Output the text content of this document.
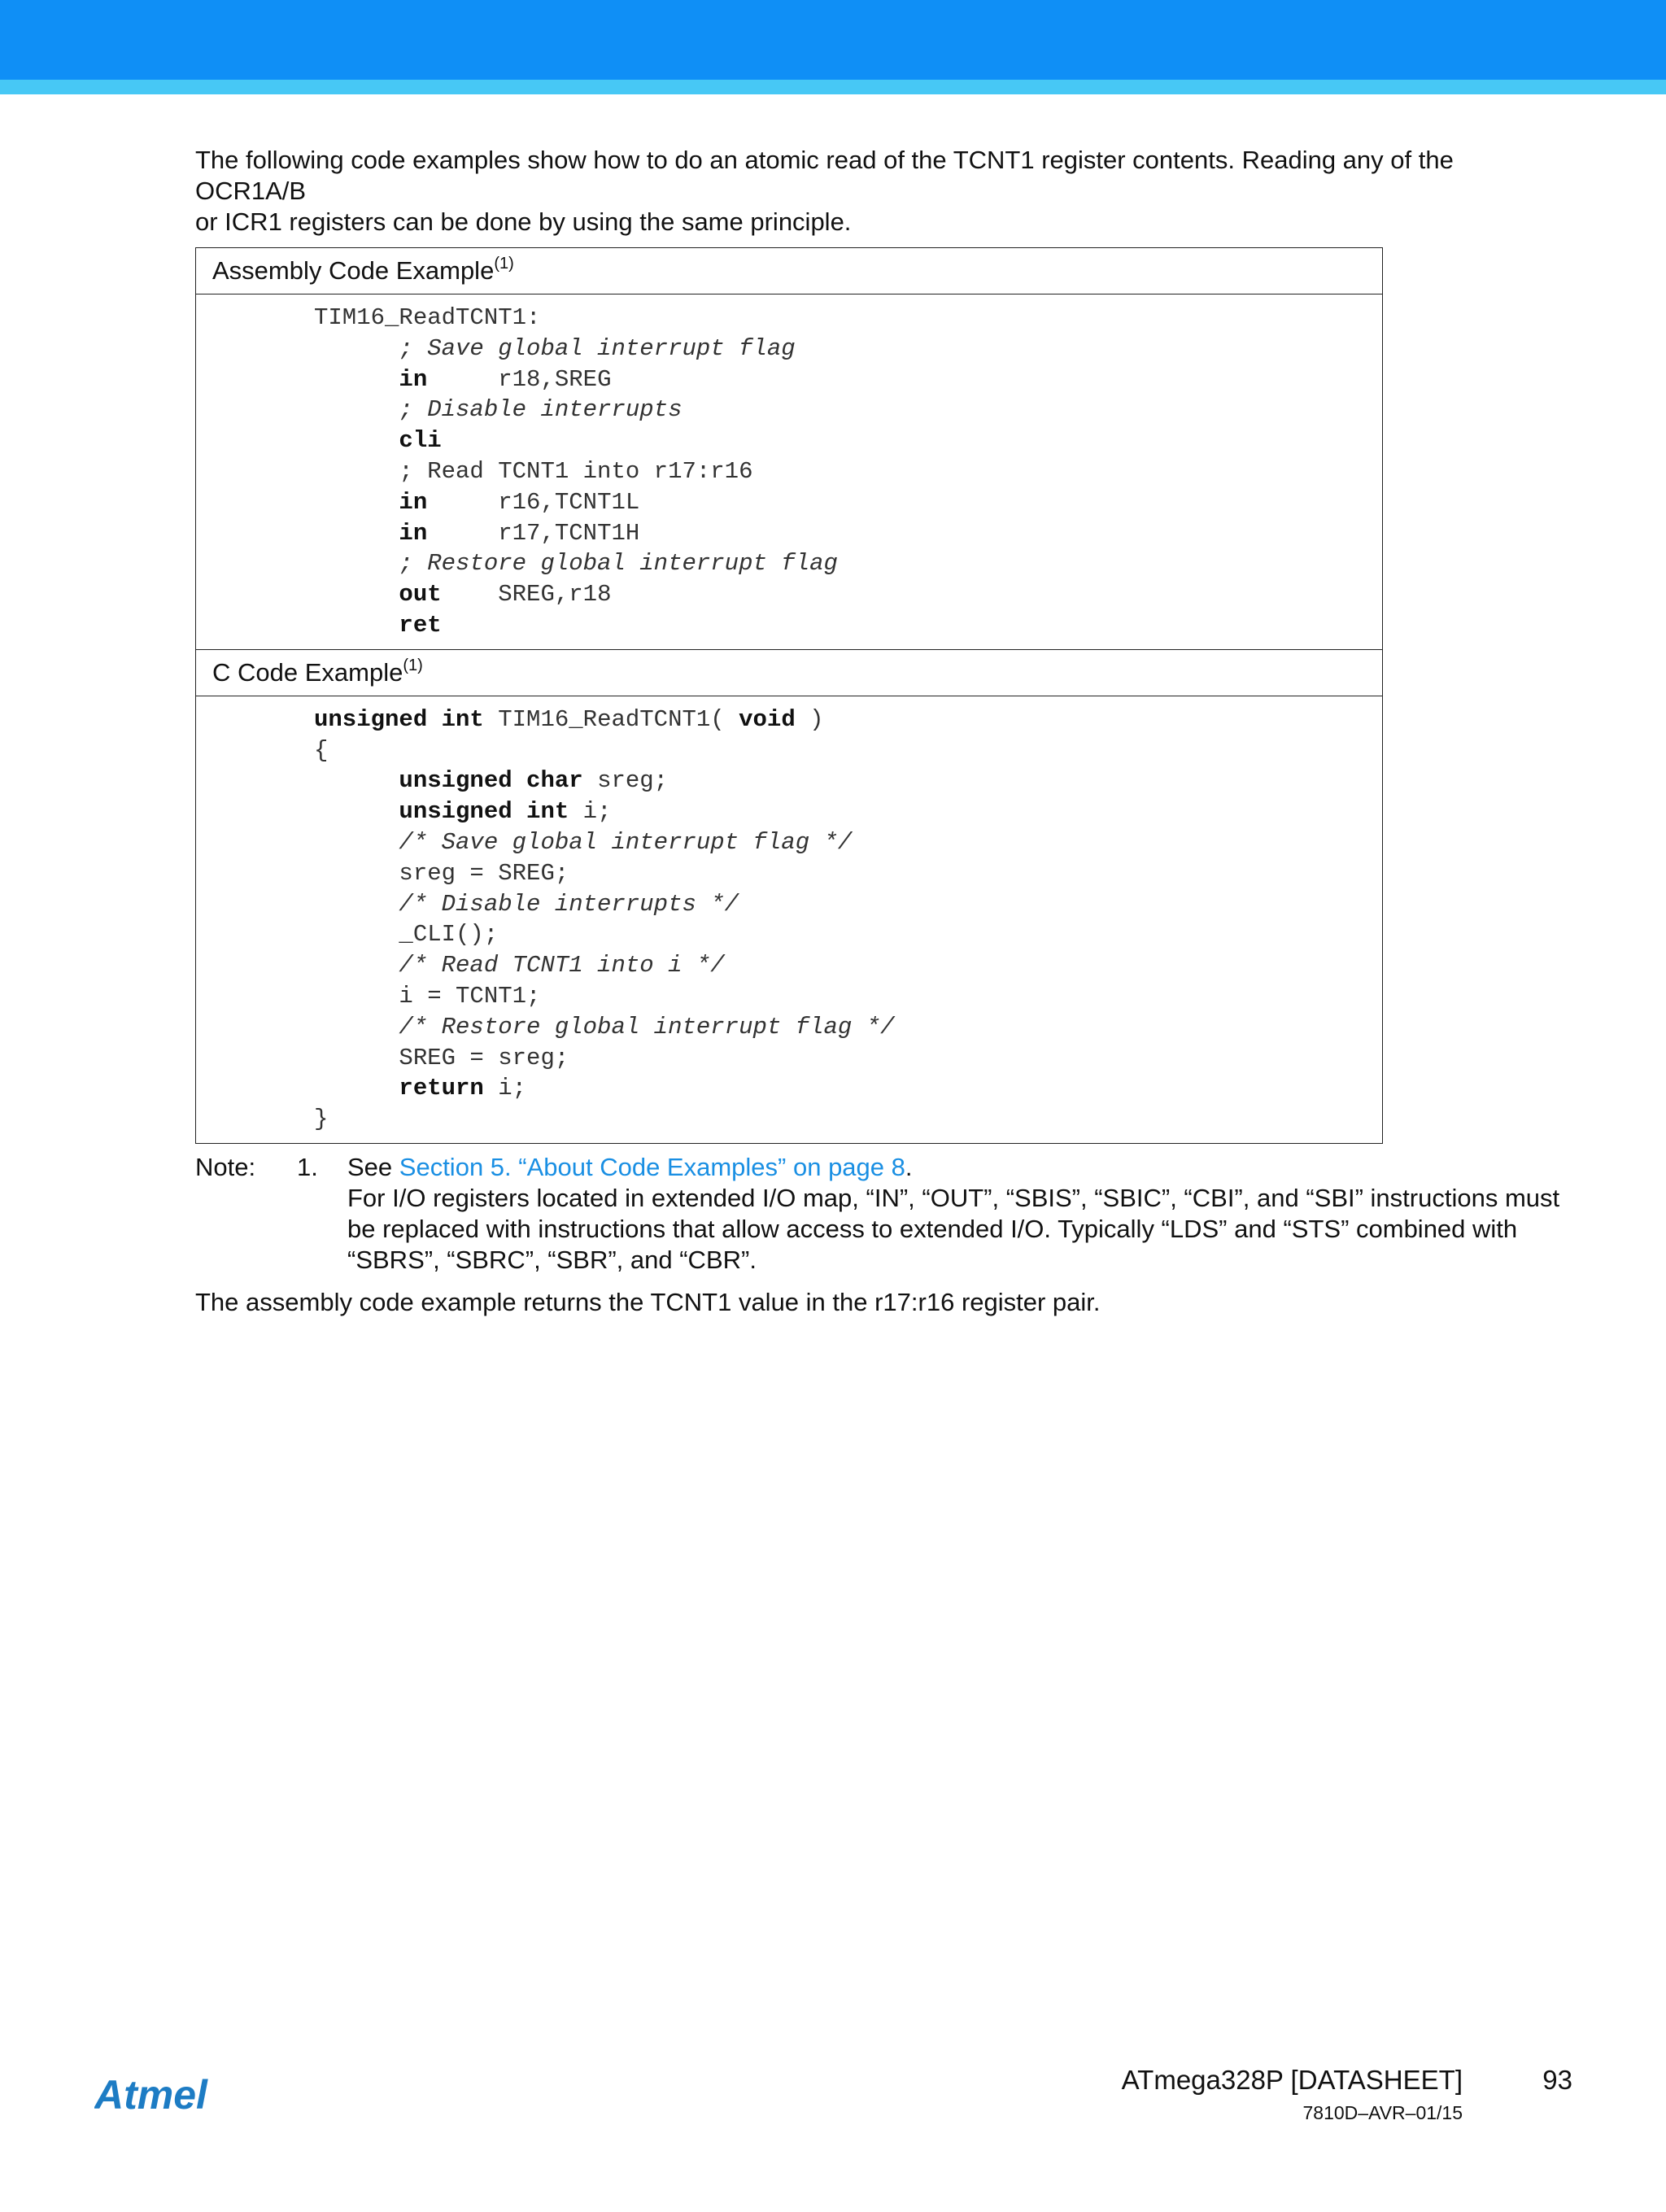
The following code examples show how to do an atomic read of the TCNT1 register contents. Reading any of the OCR1A/B
or ICR1 registers can be done by using the same principle.

Assembly Code Example$^{(1)}$

TIM16_ReadTCNT1:
; Save global interrupt flag
in     r18,SREG
; Disable interrupts
cli
; Read TCNT1 into r17:r16
in     r16,TCNT1L
in     r17,TCNT1H
; Restore global interrupt flag
out    SREG,r18
ret

C Code Example$^{(1)}$

unsigned int TIM16_ReadTCNT1( void )
{
unsigned char sreg;
unsigned int i;
/* Save global interrupt flag */
sreg = SREG;
/* Disable interrupts */
_CLI();
/* Read TCNT1 into i */
i = TCNT1;
/* Restore global interrupt flag */
SREG = sreg;
return i;
}
Note: 1. See Section 5. “About Code Examples” on page 8.

For I/O registers located in extended I/O map, “IN”, “OUT”, “SBIS”, “SBIC”, “CBI”, and “SBI” instructions must

be replaced with instructions that allow access to extended I/O. Typically “LDS” and “STS” combined with

“SBRS”, “SBRC”, “SBR”, and “CBR”.

The assembly code example returns the TCNT1 value in the r17:r16 register pair.

Atmel	ATmega328P [DATASHEET]	93
7810D–AVR–01/15
